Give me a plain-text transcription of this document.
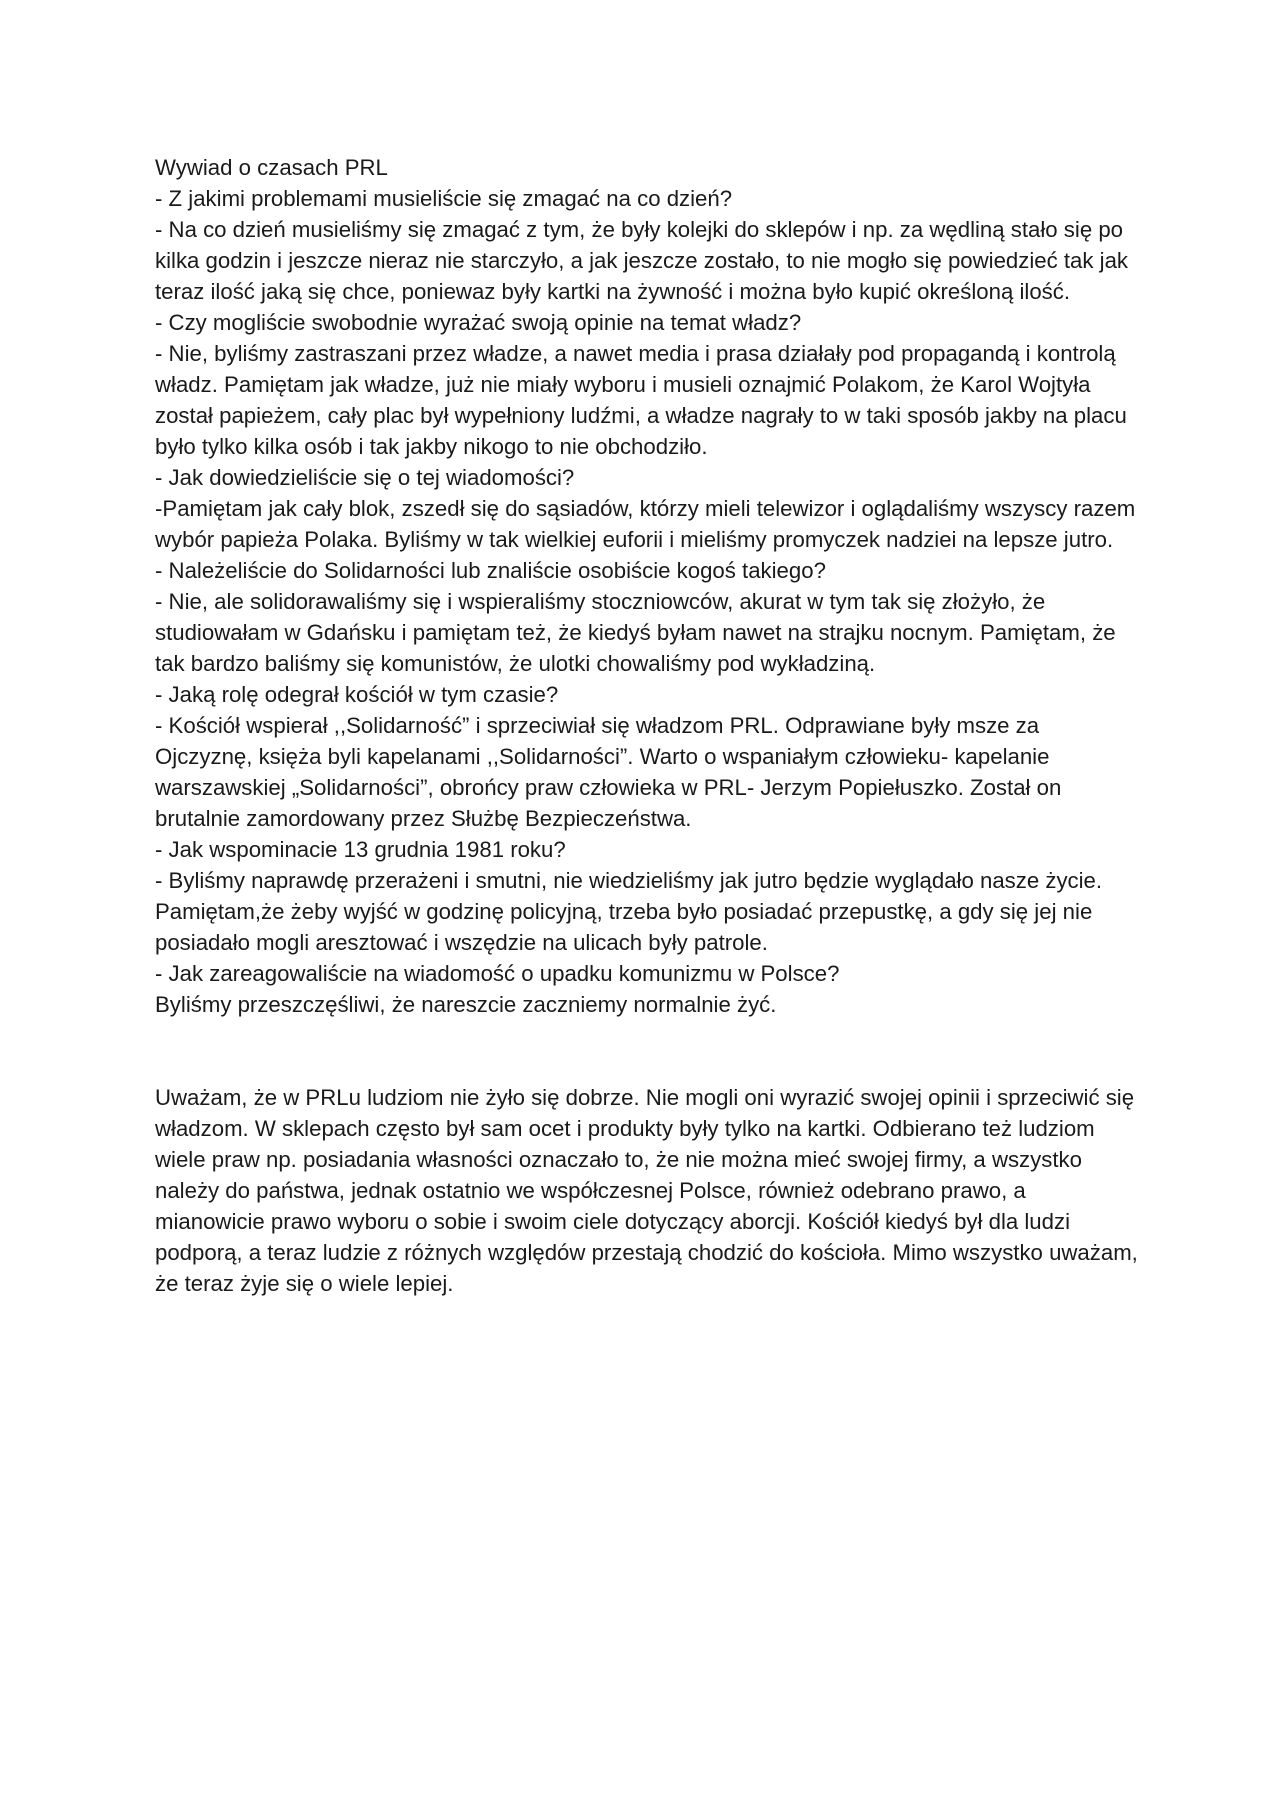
Wywiad o czasach PRL

- Z jakimi problemami musieliście się zmagać na co dzień?

- Na co dzień musieliśmy się zmagać z tym, że były kolejki do sklepów i np. za wędliną stało się po kilka godzin i jeszcze nieraz nie starczyło, a jak jeszcze zostało, to nie mogło się powiedzieć tak jak teraz ilość jaką się chce, poniewaz były kartki na żywność i można było kupić określoną ilość.

- Czy mogliście swobodnie wyrażać swoją opinie na temat władz?

- Nie, byliśmy zastraszani przez władze, a nawet media i prasa działały pod propagandą i kontrolą władz. Pamiętam jak władze, już nie miały wyboru i musieli oznajmić Polakom, że Karol Wojtyła został papieżem, cały plac był wypełniony ludźmi, a władze nagrały to w taki sposób jakby na placu było tylko kilka osób i tak jakby nikogo to nie obchodziło.

- Jak dowiedzieliście się o tej wiadomości?

-Pamiętam jak cały blok, zszedł się do sąsiadów, którzy mieli telewizor i oglądaliśmy wszyscy razem wybór papieża Polaka. Byliśmy w tak wielkiej euforii i mieliśmy promyczek nadziei na lepsze jutro.

- Należeliście do Solidarności lub znaliście osobiście kogoś takiego?

- Nie, ale solidorawaliśmy się i wspieraliśmy stoczniowców, akurat w tym tak się złożyło, że studiowałam w Gdańsku i pamiętam też, że kiedyś byłam nawet na strajku nocnym. Pamiętam, że tak bardzo baliśmy się komunistów, że ulotki chowaliśmy pod wykładziną.

- Jaką rolę odegrał kościół w tym czasie?

- Kościół wspierał ,,Solidarność” i sprzeciwiał się władzom PRL. Odprawiane były msze za Ojczyznę, księża byli kapelanami ,,Solidarności”. Warto o wspaniałym człowieku- kapelanie warszawskiej „Solidarności”, obrońcy praw człowieka w PRL- Jerzym Popiełuszko. Został on brutalnie zamordowany przez Służbę Bezpieczeństwa.

- Jak wspominacie 13 grudnia 1981 roku?

- Byliśmy naprawdę przerażeni i smutni, nie wiedzieliśmy jak jutro będzie wyglądało nasze życie. Pamiętam,że żeby wyjść w godzinę policyjną, trzeba było posiadać przepustkę, a gdy się jej nie posiadało mogli aresztować i wszędzie na ulicach były patrole.

- Jak zareagowaliście na wiadomość o upadku komunizmu w Polsce?

Byliśmy przeszczęśliwi, że nareszcie zaczniemy normalnie żyć.

Uważam, że w PRLu ludziom nie żyło się dobrze. Nie mogli oni wyrazić swojej opinii i sprzeciwić się władzom. W sklepach często był sam ocet i produkty były tylko na kartki. Odbierano też ludziom wiele praw np. posiadania własności oznaczało to, że nie można mieć swojej firmy, a wszystko należy do państwa, jednak ostatnio we współczesnej Polsce, również odebrano prawo, a mianowicie prawo wyboru o sobie i swoim ciele dotyczący aborcji. Kościół kiedyś był dla ludzi podporą, a teraz ludzie z różnych względów przestają chodzić do kościoła. Mimo wszystko uważam, że teraz żyje się o wiele lepiej.
